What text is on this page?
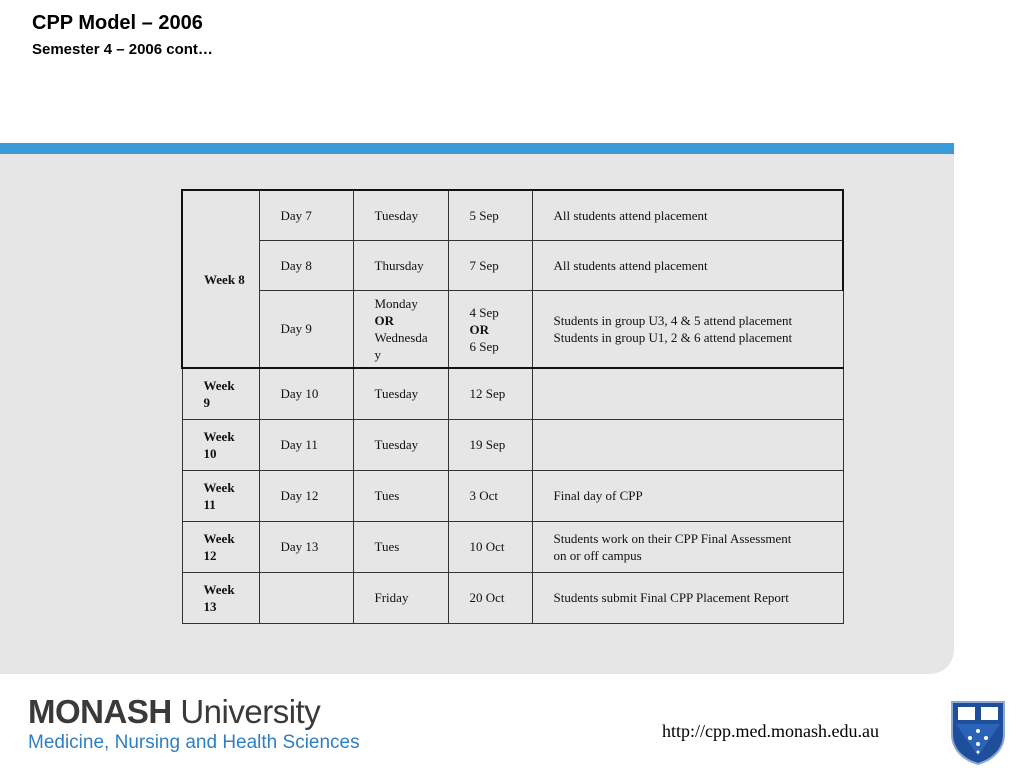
CPP Model – 2006
Semester 4 – 2006 cont…
Week 8	Day 7	Tuesday	5 Sep	All students attend placement
	Day 8	Thursday	7 Sep	All students attend placement
	Day 9	Monday
OR
Wednesda
y	4 Sep
OR
6 Sep	Students in group U3, 4 & 5 attend placement
Students in group U1, 2 & 6 attend placement

Week 9	Day 10	Tuesday	12 Sep	

Week 10	Day 11	Tuesday	19 Sep	

Week 11	Day 12	Tues	3 Oct	Final day of CPP

Week 12	Day 13	Tues	10 Oct	Students work on their CPP Final Assessment
on or off campus

Week 13		Friday	20 Oct	Students submit Final CPP Placement Report
MONASH University
Medicine, Nursing and Health Sciences
http://cpp.med.monash.edu.au
